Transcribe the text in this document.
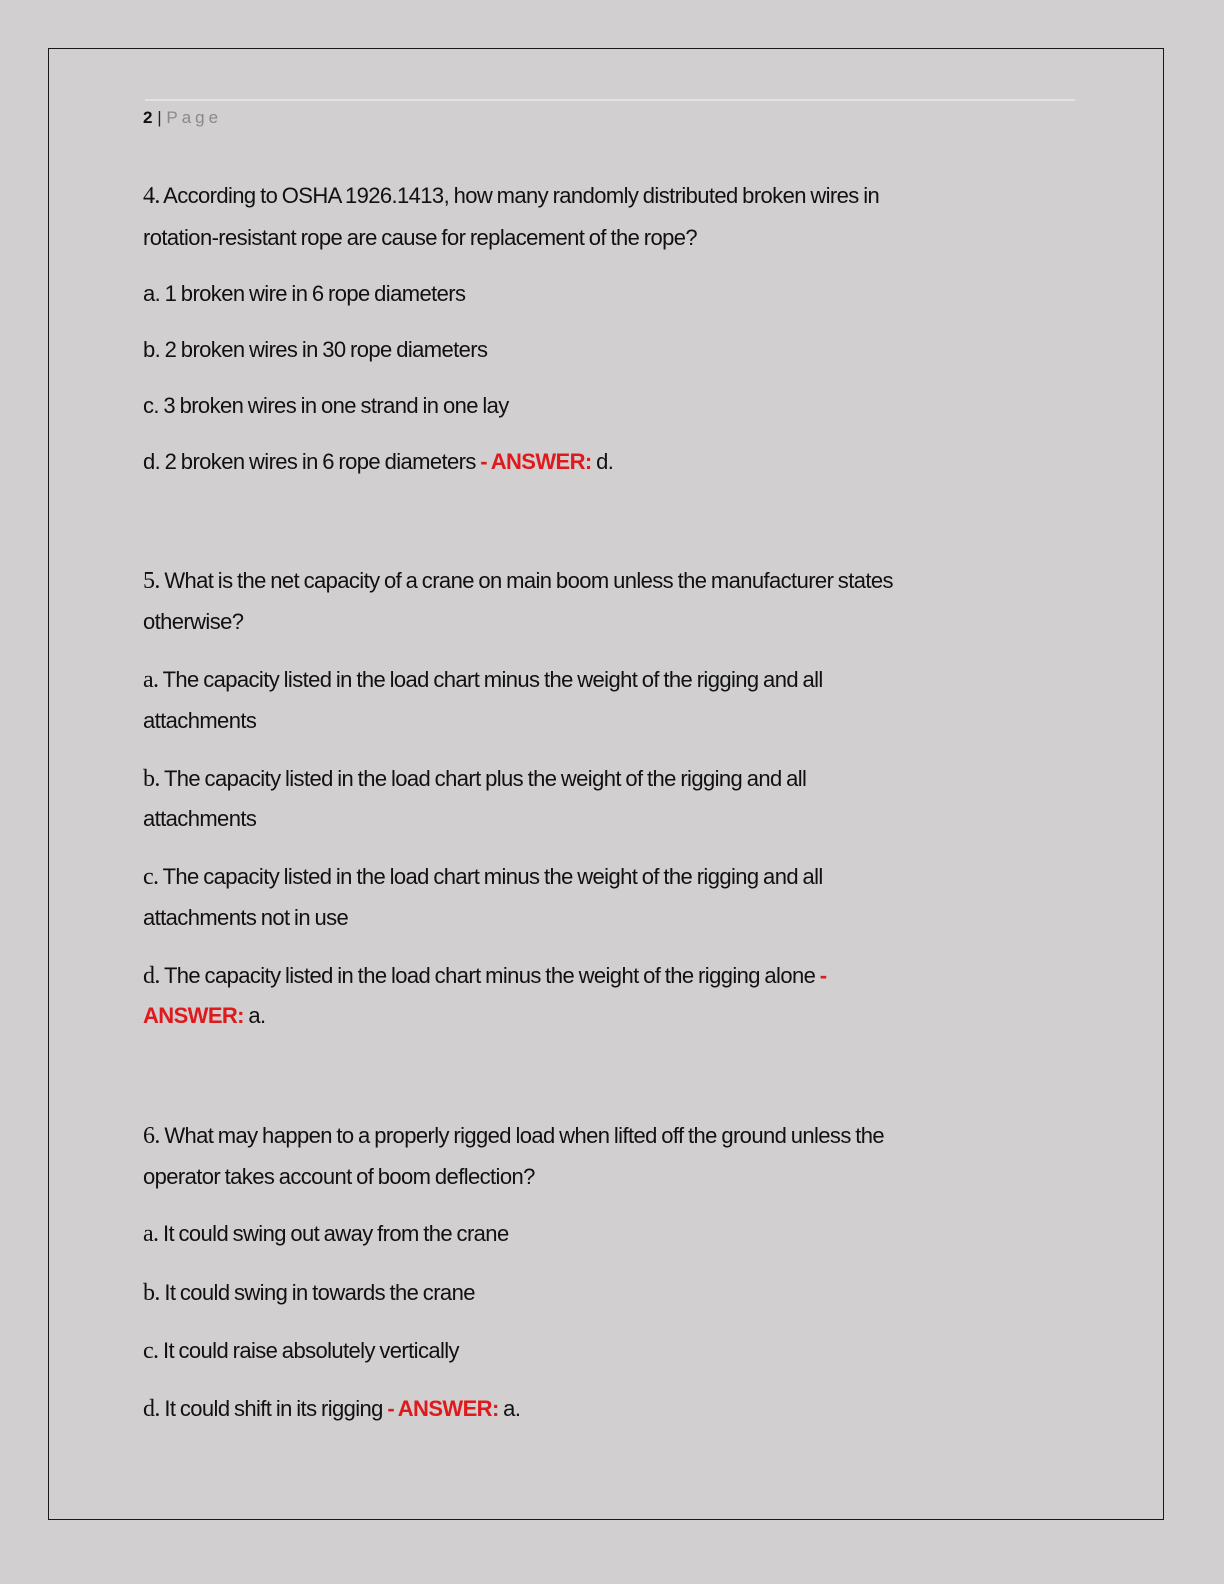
2 | Page
4. According to OSHA 1926.1413, how many randomly distributed broken wires in
rotation-resistant rope are cause for replacement of the rope?
a. 1 broken wire in 6 rope diameters
b. 2 broken wires in 30 rope diameters
c. 3 broken wires in one strand in one lay
d. 2 broken wires in 6 rope diameters - ANSWER: d.
5. What is the net capacity of a crane on main boom unless the manufacturer states
otherwise?
a. The capacity listed in the load chart minus the weight of the rigging and all
attachments
b. The capacity listed in the load chart plus the weight of the rigging and all
attachments
c. The capacity listed in the load chart minus the weight of the rigging and all
attachments not in use
d. The capacity listed in the load chart minus the weight of the rigging alone -
ANSWER: a.
6. What may happen to a properly rigged load when lifted off the ground unless the
operator takes account of boom deflection?
a. It could swing out away from the crane
b. It could swing in towards the crane
c. It could raise absolutely vertically
d. It could shift in its rigging - ANSWER: a.
